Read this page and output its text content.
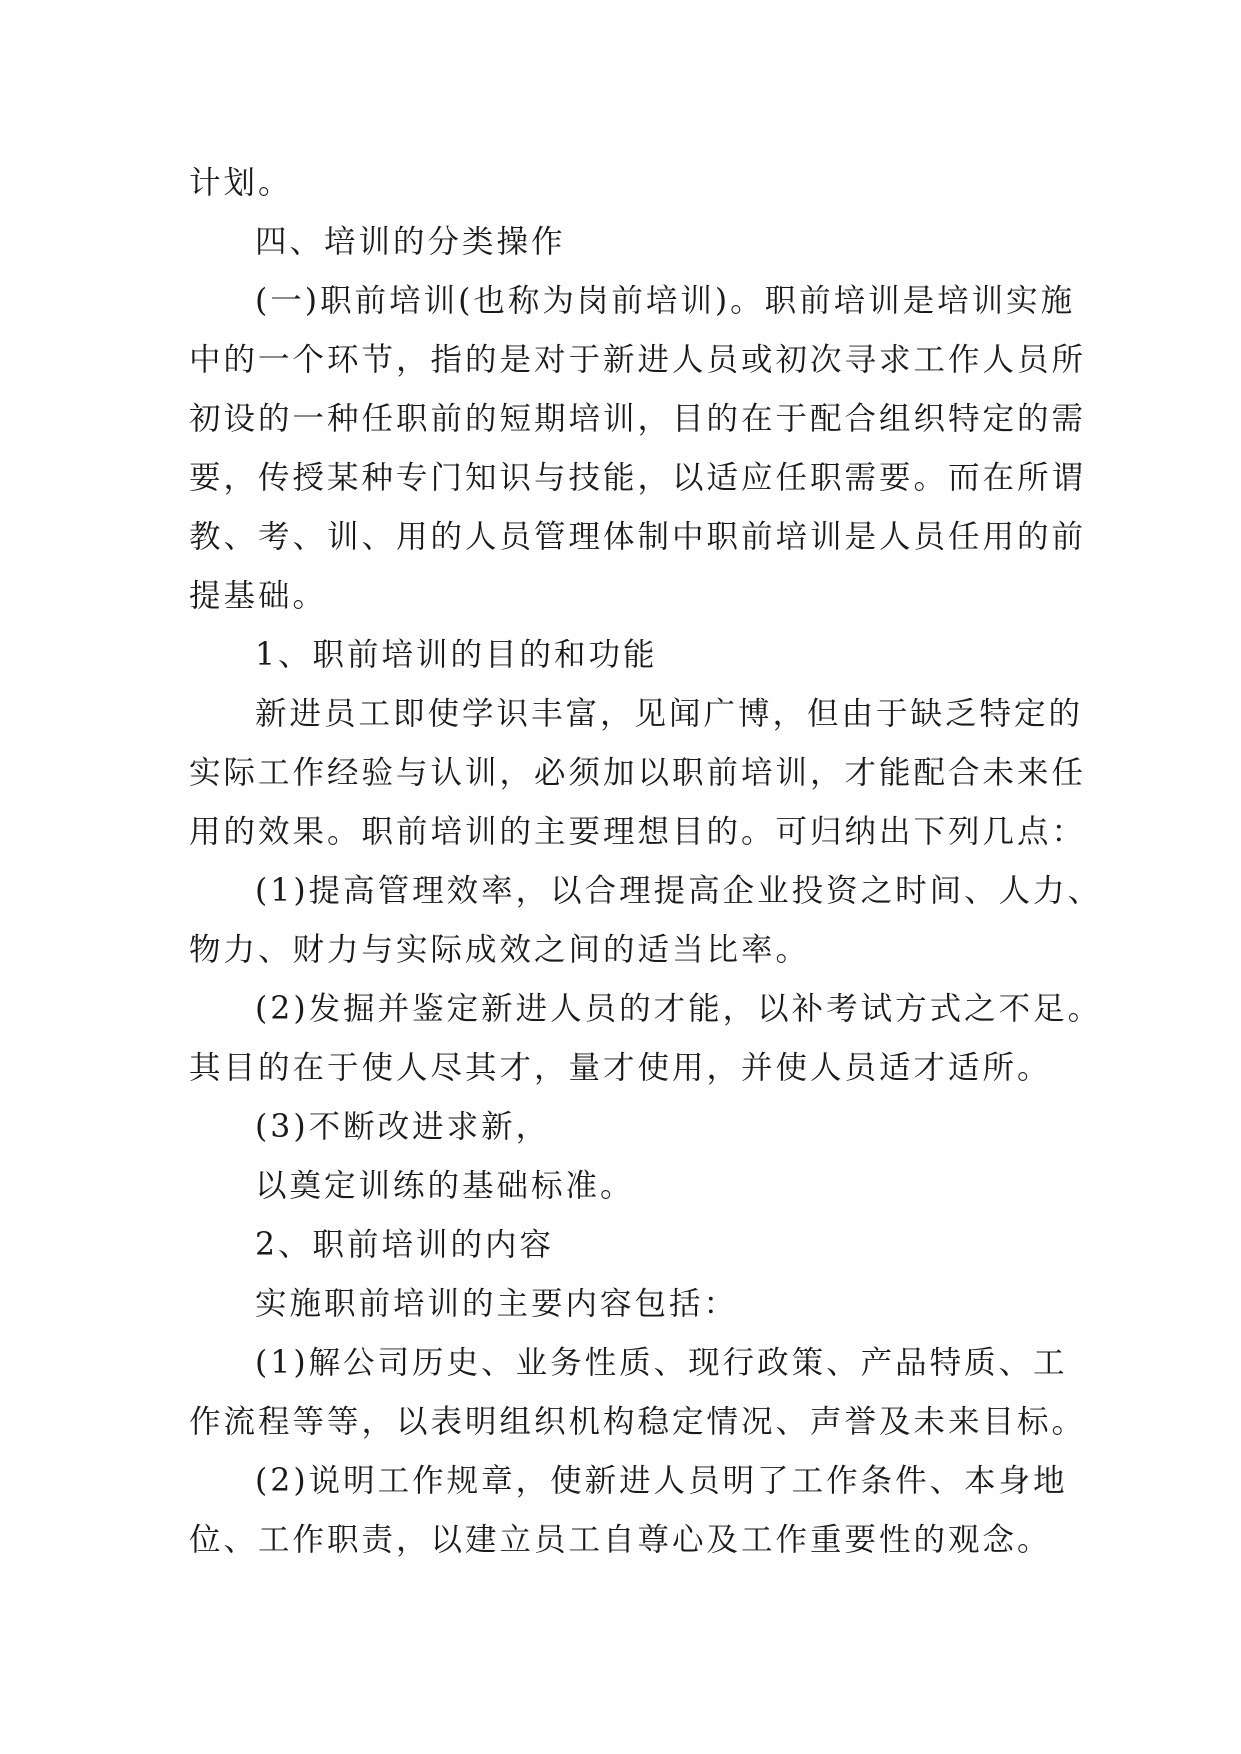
计划。
四、培训的分类操作
(一)职前培训(也称为岗前培训)。职前培训是培训实施
中的一个环节，指的是对于新进人员或初次寻求工作人员所
初设的一种任职前的短期培训，目的在于配合组织特定的需
要，传授某种专门知识与技能，以适应任职需要。而在所谓
教、考、训、用的人员管理体制中职前培训是人员任用的前
提基础。
1、职前培训的目的和功能
新进员工即使学识丰富，见闻广博，但由于缺乏特定的
实际工作经验与认训，必须加以职前培训，才能配合未来任
用的效果。职前培训的主要理想目的。可归纳出下列几点：
(1)提高管理效率，以合理提高企业投资之时间、人力、
物力、财力与实际成效之间的适当比率。
(2)发掘并鉴定新进人员的才能，以补考试方式之不足。
其目的在于使人尽其才，量才使用，并使人员适才适所。
(3)不断改进求新，
以奠定训练的基础标准。
2、职前培训的内容
实施职前培训的主要内容包括：
(1)解公司历史、业务性质、现行政策、产品特质、工
作流程等等，以表明组织机构稳定情况、声誉及未来目标。
(2)说明工作规章，使新进人员明了工作条件、本身地
位、工作职责，以建立员工自尊心及工作重要性的观念。
